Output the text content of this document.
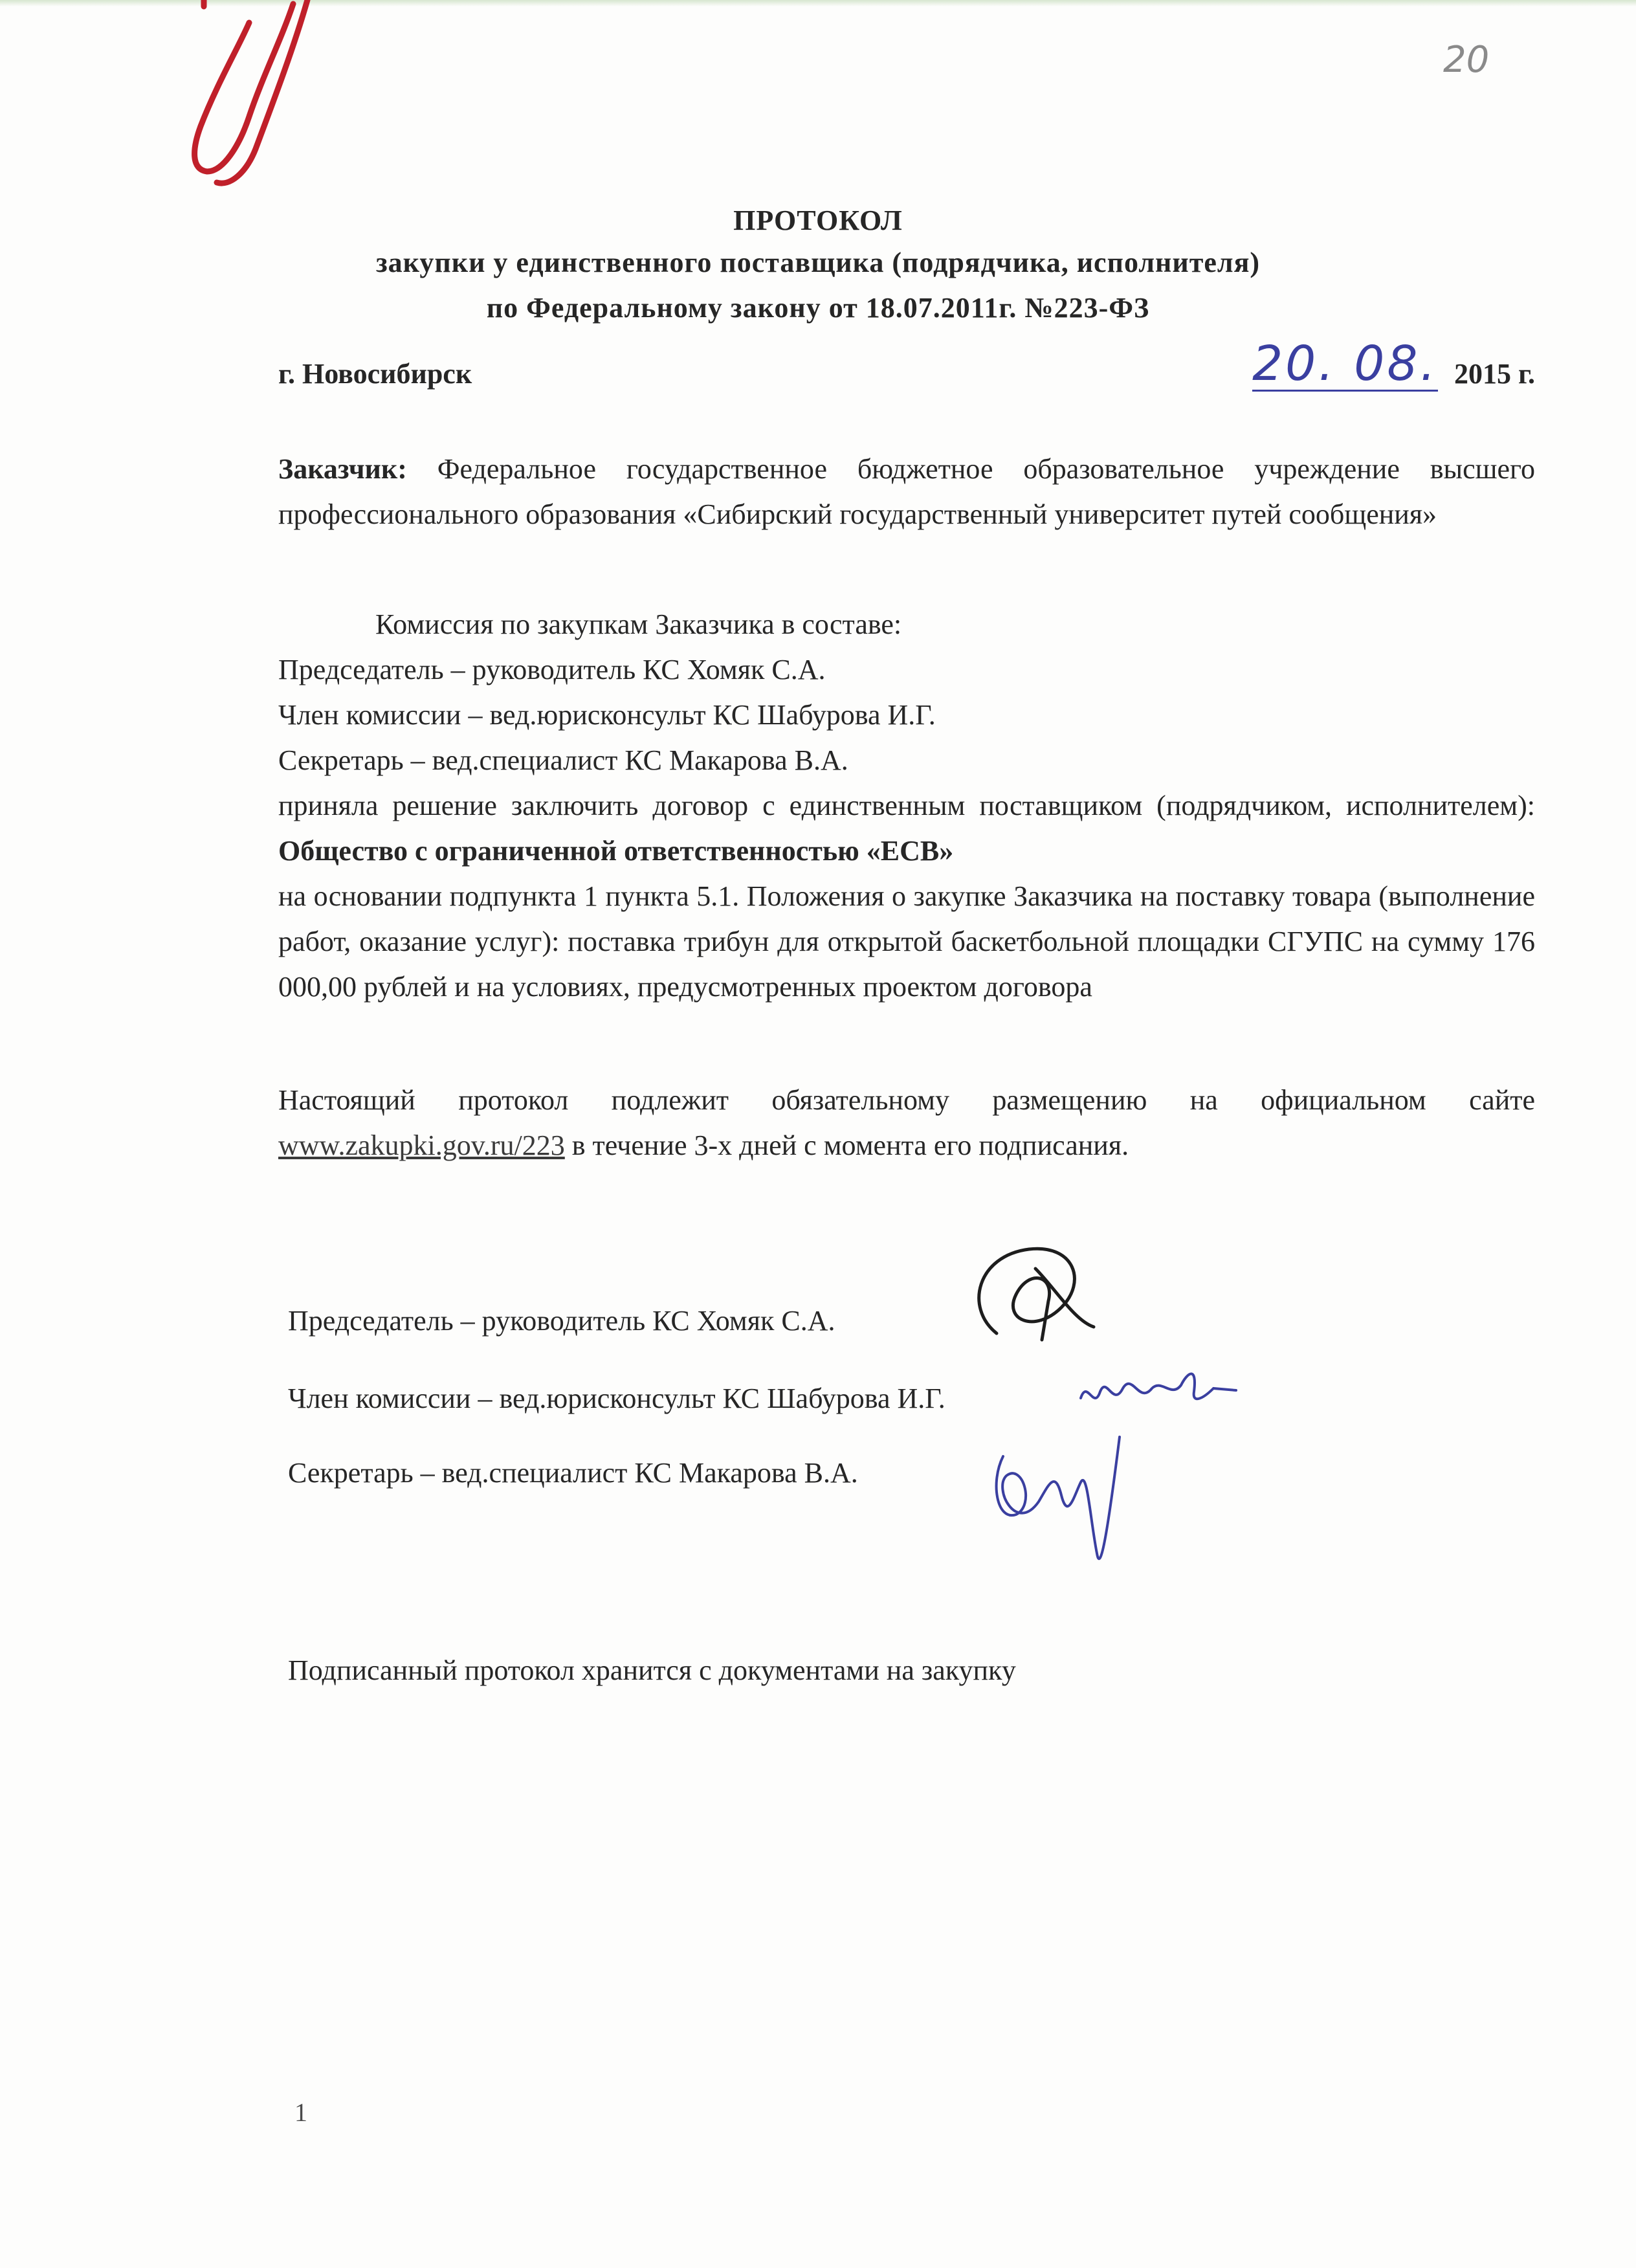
20
ПРОТОКОЛ
закупки у единственного поставщика (подрядчика, исполнителя)
по Федеральному закону от 18.07.2011г. №223-ФЗ
г. Новосибирск	20. 08. 2015 г.
Заказчик: Федеральное государственное бюджетное образовательное учреждение высшего профессионального образования «Сибирский государственный университет путей сообщения»
Комиссия по закупкам Заказчика в составе:
Председатель – руководитель КС Хомяк С.А.
Член комиссии – вед.юрисконсульт КС Шабурова И.Г.
Секретарь – вед.специалист КС Макарова В.А.
приняла решение заключить договор с единственным поставщиком (подрядчиком, исполнителем): Общество с ограниченной ответственностью «ЕСВ»
на основании подпункта 1 пункта 5.1. Положения о закупке Заказчика на поставку товара (выполнение работ, оказание услуг): поставка трибун для открытой баскетбольной площадки СГУПС на сумму 176 000,00 рублей и на условиях, предусмотренных проектом договора
Настоящий протокол подлежит обязательному размещению на официальном сайте www.zakupki.gov.ru/223 в течение 3-х дней с момента его подписания.
Председатель – руководитель КС Хомяк С.А.
Член комиссии – вед.юрисконсульт КС Шабурова И.Г.
Секретарь – вед.специалист КС Макарова В.А.
Подписанный протокол хранится с документами на закупку
1
